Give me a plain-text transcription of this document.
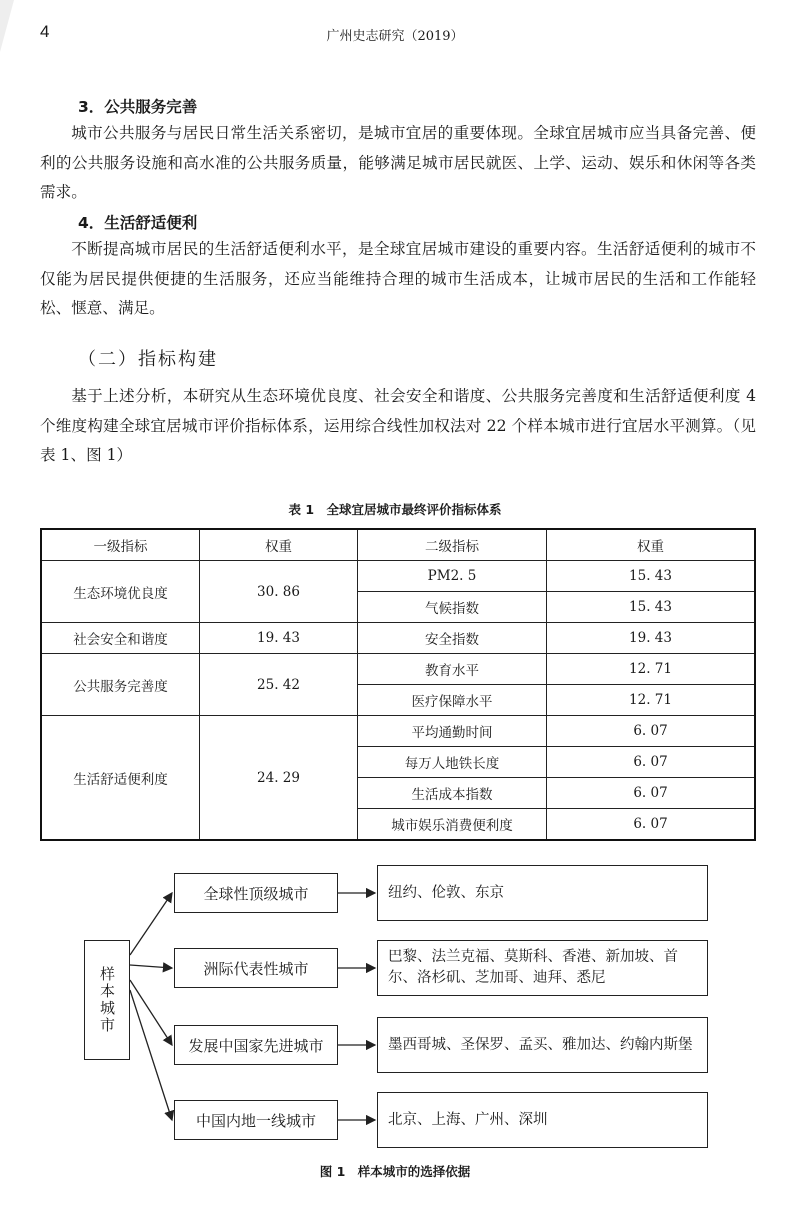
4	广州史志研究（2019）
3．公共服务完善

城市公共服务与居民日常生活关系密切，是城市宜居的重要体现。全球宜居城市应当具备完善、便利的公共服务设施和高水准的公共服务质量，能够满足城市居民就医、上学、运动、娱乐和休闲等各类需求。

4．生活舒适便利

不断提高城市居民的生活舒适便利水平，是全球宜居城市建设的重要内容。生活舒适便利的城市不仅能为居民提供便捷的生活服务，还应当能维持合理的城市生活成本，让城市居民的生活和工作能轻松、惬意、满足。

（二）指标构建

基于上述分析，本研究从生态环境优良度、社会安全和谐度、公共服务完善度和生活舒适便利度 4 个维度构建全球宜居城市评价指标体系，运用综合线性加权法对 22 个样本城市进行宜居水平测算。（见表 1、图 1）

表 1　全球宜居城市最终评价指标体系
一级指标	权重	二级指标	权重
生态环境优良度	30. 86	PM2. 5	15. 43
		气候指数	15. 43
社会安全和谐度	19. 43	安全指数	19. 43
公共服务完善度	25. 42	教育水平	12. 71
		医疗保障水平	12. 71
生活舒适便利度	24. 29	平均通勤时间	6. 07
		每万人地铁长度	6. 07
		生活成本指数	6. 07
		城市娱乐消费便利度	6. 07
样本城市
全球性顶级城市	纽约、伦敦、东京
洲际代表性城市
巴黎、法兰克福、莫斯科、香港、新加坡、首尔、洛杉矶、芝加哥、迪拜、悉尼
发展中国家先进城市	墨西哥城、圣保罗、孟买、雅加达、约翰内斯堡
中国内地一线城市	北京、上海、广州、深圳
图 1　样本城市的选择依据
